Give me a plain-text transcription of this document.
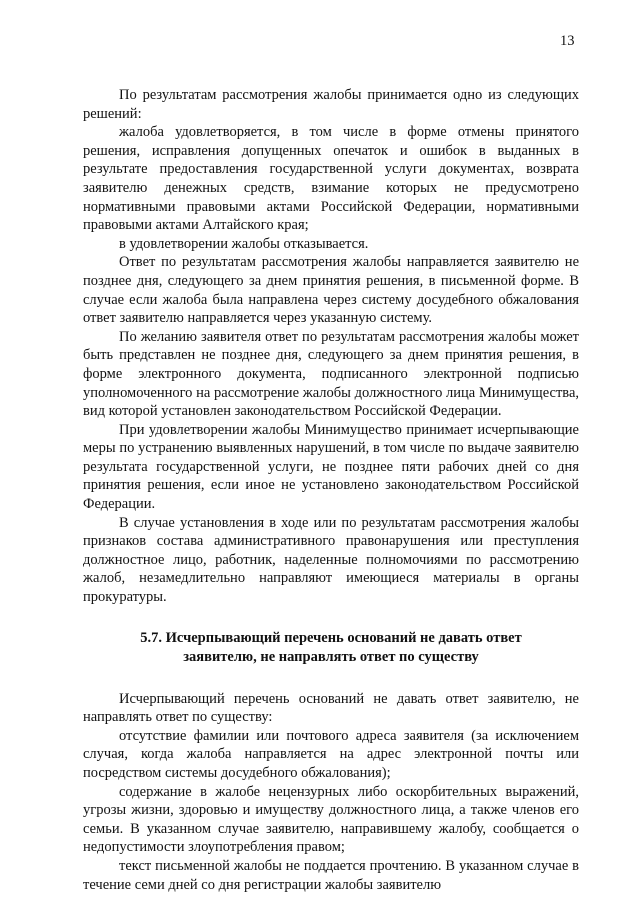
13

По результатам рассмотрения жалобы принимается одно из следующих решений:

жалоба удовлетворяется, в том числе в форме отмены принятого решения, исправления допущенных опечаток и ошибок в выданных в результате предоставления государственной услуги документах, возврата заявителю денежных средств, взимание которых не предусмотрено нормативными правовыми актами Российской Федерации, нормативными правовыми актами Алтайского края;

в удовлетворении жалобы отказывается.

Ответ по результатам рассмотрения жалобы направляется заявителю не позднее дня, следующего за днем принятия решения, в письменной форме. В случае если жалоба была направлена через систему досудебного обжалования ответ заявителю направляется через указанную систему.

По желанию заявителя ответ по результатам рассмотрения жалобы может быть представлен не позднее дня, следующего за днем принятия решения, в форме электронного документа, подписанного электронной подписью уполномоченного на рассмотрение жалобы должностного лица Минимущества, вид которой установлен законодательством Российской Федерации.

При удовлетворении жалобы Минимущество принимает исчерпывающие меры по устранению выявленных нарушений, в том числе по выдаче заявителю результата государственной услуги, не позднее пяти рабочих дней со дня принятия решения, если иное не установлено законодательством Российской Федерации.

В случае установления в ходе или по результатам рассмотрения жалобы признаков состава административного правонарушения или преступления должностное лицо, работник, наделенные полномочиями по рассмотрению жалоб, незамедлительно направляют имеющиеся материалы в органы прокуратуры.

5.7. Исчерпывающий перечень оснований не давать ответ
заявителю, не направлять ответ по существу

Исчерпывающий перечень оснований не давать ответ заявителю, не направлять ответ по существу:

отсутствие фамилии или почтового адреса заявителя (за исключением случая, когда жалоба направляется на адрес электронной почты или посредством системы досудебного обжалования);

содержание в жалобе нецензурных либо оскорбительных выражений, угрозы жизни, здоровью и имуществу должностного лица, а также членов его семьи. В указанном случае заявителю, направившему жалобу, сообщается о недопустимости злоупотребления правом;

текст письменной жалобы не поддается прочтению. В указанном случае в течение семи дней со дня регистрации жалобы заявителю
